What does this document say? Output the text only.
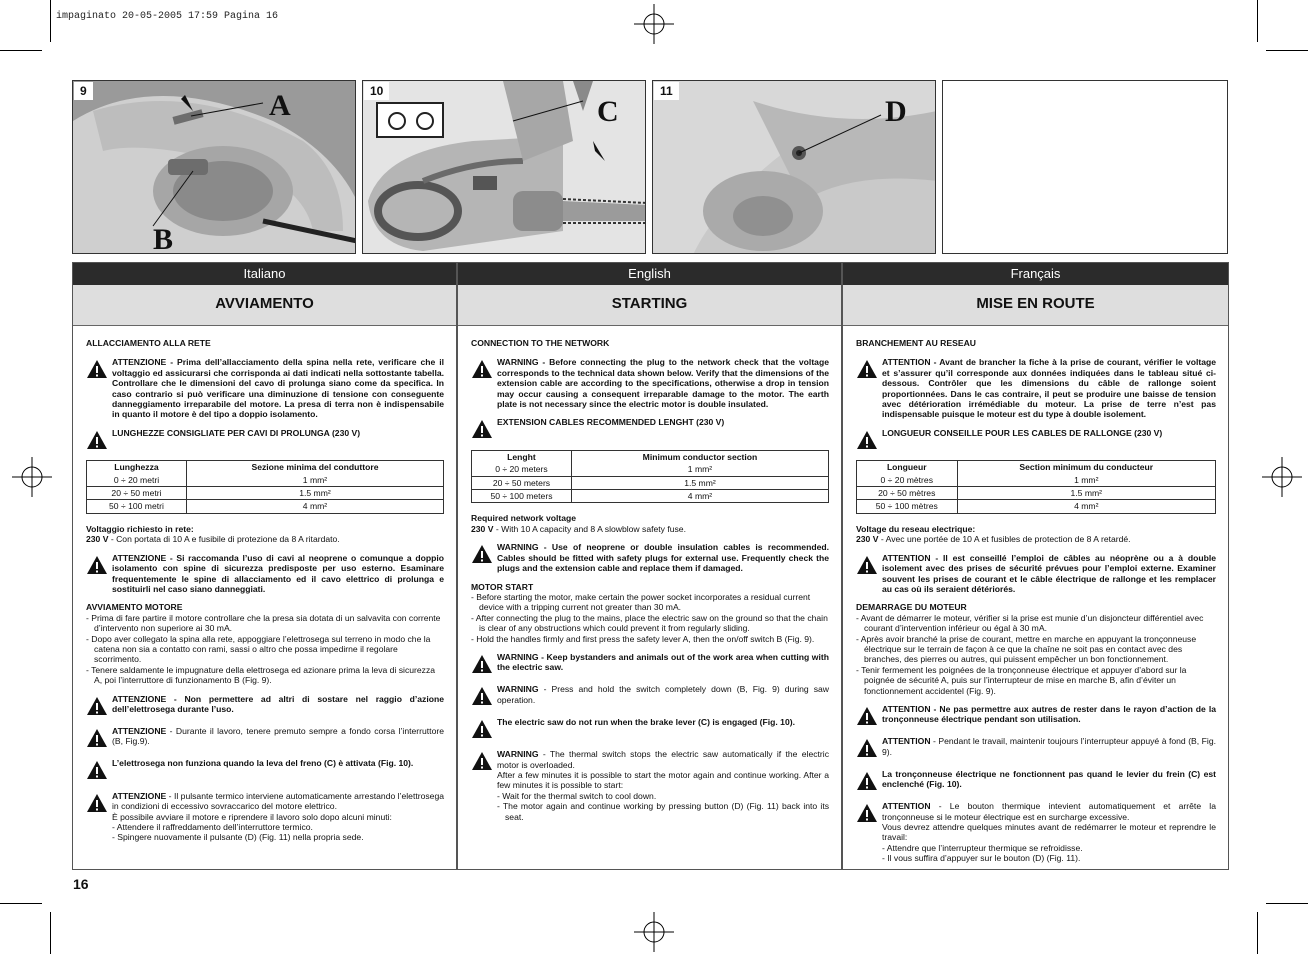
impaginato 20-05-2005 17:59 Pagina 16
9	A
B
10
C
11
D
Italiano
AVVIAMENTO
ALLACCIAMENTO ALLA RETE
ATTENZIONE - Prima dell’allacciamento della spina nella rete, verificare che il voltaggio ed assicurarsi che corrisponda ai dati indicati nella sottostante tabella. Controllare che le dimensioni del cavo di prolunga siano come da specifica. In caso contrario si può verificare una diminuzione di tensione con conseguente danneggiamento irreparabile del motore. La presa di terra non è indispensabile in quanto il motore è del tipo a doppio isolamento.
LUNGHEZZE CONSIGLIATE PER CAVI DI PROLUNGA (230 V)
Lunghezza	Sezione minima del conduttore
0 ÷ 20 metri	1 mm²
20 ÷ 50 metri	1.5 mm²
50 ÷ 100 metri	4 mm²
Voltaggio richiesto in rete:
230 V - Con portata di 10 A e fusibile di protezione da 8 A ritardato.
ATTENZIONE - Si raccomanda l’uso di cavi al neoprene o comunque a doppio isolamento con spine di sicurezza predisposte per uso esterno. Esaminare frequentemente le spine di allacciamento ed il cavo elettrico di prolunga e sostituirli nel caso siano danneggiati.
AVVIAMENTO MOTORE
- Prima di fare partire il motore controllare che la presa sia dotata di un salvavita con corrente d’intervento non superiore ai 30 mA.
- Dopo aver collegato la spina alla rete, appoggiare l’elettrosega sul terreno in modo che la catena non sia a contatto con rami, sassi o altro che possa impedirne il regolare scorrimento.
- Tenere saldamente le impugnature della elettrosega ed azionare prima la leva di sicurezza A, poi l’interruttore di funzionamento B (Fig. 9).
ATTENZIONE - Non permettere ad altri di sostare nel raggio d’azione dell’elettrosega durante l’uso.
ATTENZIONE - Durante il lavoro, tenere premuto sempre a fondo corsa l’interruttore (B, Fig.9).
L’elettrosega non funziona quando la leva del freno (C) è attivata (Fig. 10).
ATTENZIONE - Il pulsante termico interviene automaticamente arrestando l’elettrosega in condizioni di eccessivo sovraccarico del motore elettrico.
È possibile avviare il motore e riprendere il lavoro solo dopo alcuni minuti:
- Attendere il raffreddamento dell’interruttore termico.
- Spingere nuovamente il pulsante (D) (Fig. 11) nella propria sede.
English
STARTING
CONNECTION TO THE NETWORK
WARNING - Before connecting the plug to the network check that the voltage corresponds to the technical data shown below. Verify that the dimensions of the extension cable are according to the specifications, otherwise a drop in tension may occur causing a consequent irreparable damage to the motor. The earth plate is not necessary since the electric motor is double insulated.
EXTENSION CABLES RECOMMENDED LENGHT (230 V)
Lenght	Minimum conductor section
0 ÷ 20 meters	1 mm²
20 ÷ 50 meters	1.5 mm²
50 ÷ 100 meters	4 mm²
Required network voltage
230 V - With 10 A capacity and 8 A slowblow safety fuse.
WARNING - Use of neoprene or double insulation cables is recommended. Cables should be fitted with safety plugs for external use. Frequently check the plugs and the extension cable and replace them if damaged.
MOTOR START
- Before starting the motor, make certain the power socket incorporates a residual current device with a tripping current not greater than 30 mA.
- After connecting the plug to the mains, place the electric saw on the ground so that the chain is clear of any obstructions which could prevent it from regularly sliding.
- Hold the handles firmly and first press the safety lever A, then the on/off switch B (Fig. 9).
WARNING - Keep bystanders and animals out of the work area when cutting with the electric saw.
WARNING - Press and hold the switch completely down (B, Fig. 9) during saw operation.
The electric saw do not run when the brake lever (C) is engaged (Fig. 10).
WARNING - The thermal switch stops the electric saw automatically if the electric motor is overloaded.
After a few minutes it is possible to start the motor again and continue working. After a few minutes it is possible to start:
- Wait for the thermal switch to cool down.
- The motor again and continue working by pressing button (D) (Fig. 11) back into its seat.
Français
MISE EN ROUTE
BRANCHEMENT AU RESEAU
ATTENTION - Avant de brancher la fiche à la prise de courant, vérifier le voltage et s’assurer qu’il corresponde aux données indiquées dans le tableau situé ci-dessous. Contrôler que les dimensions du câble de rallonge soient proportionnées. Dans le cas contraire, il peut se produire une baisse de tension avec détérioration irrémédiable du moteur. La prise de terre n’est pas indispensable puisque le moteur est du type à double isolement.
LONGUEUR CONSEILLE POUR LES CABLES DE RALLONGE (230 V)
Longueur	Section minimum du conducteur
0 ÷ 20 mètres	1 mm²
20 ÷ 50 mètres	1.5 mm²
50 ÷ 100 mètres	4 mm²
Voltage du reseau electrique:
230 V - Avec une portée de 10 A et fusibles de protection de 8 A retardé.
ATTENTION - Il est conseillé l’emploi de câbles au néoprène ou a à double isolement avec des prises de sécurité prévues pour l’emploi externe. Examiner souvent les prises de courant et le câble électrique de rallonge et les remplacer au cas où ils seraient détériorés.
DEMARRAGE DU MOTEUR
- Avant de démarrer le moteur, vérifier si la prise est munie d’un disjoncteur différentiel avec courant d’intervention inférieur ou égal à 30 mA.
- Après avoir branché la prise de courant, mettre en marche en appuyant la tronçonneuse électrique sur le terrain de façon à ce que la chaîne ne soit pas en contact avec des branches, des pierres ou autres, qui puissent empêcher un bon fonctionnement.
- Tenir fermement les poignées de la tronçonneuse électrique et appuyer d’abord sur la poignée de sécurité A, puis sur l’interrupteur de mise en marche B, afin d’éviter un fonctionnement accidentel (Fig. 9).
ATTENTION - Ne pas permettre aux autres de rester dans le rayon d’action de la tronçonneuse électrique pendant son utilisation.
ATTENTION - Pendant le travail, maintenir toujours l’interrupteur appuyé à fond (B, Fig. 9).
La tronçonneuse électrique ne fonctionnent pas quand le levier du frein (C) est enclenché (Fig. 10).
ATTENTION - Le bouton thermique intevient automatiquement et arrête la tronçonneuse si le moteur électrique est en surcharge excessive.
Vous devrez attendre quelques minutes avant de redémarrer le moteur et reprendre le travail:
- Attendre que l’interrupteur thermique se refroidisse.
- Il vous suffira d’appuyer sur le bouton (D) (Fig. 11).
16
